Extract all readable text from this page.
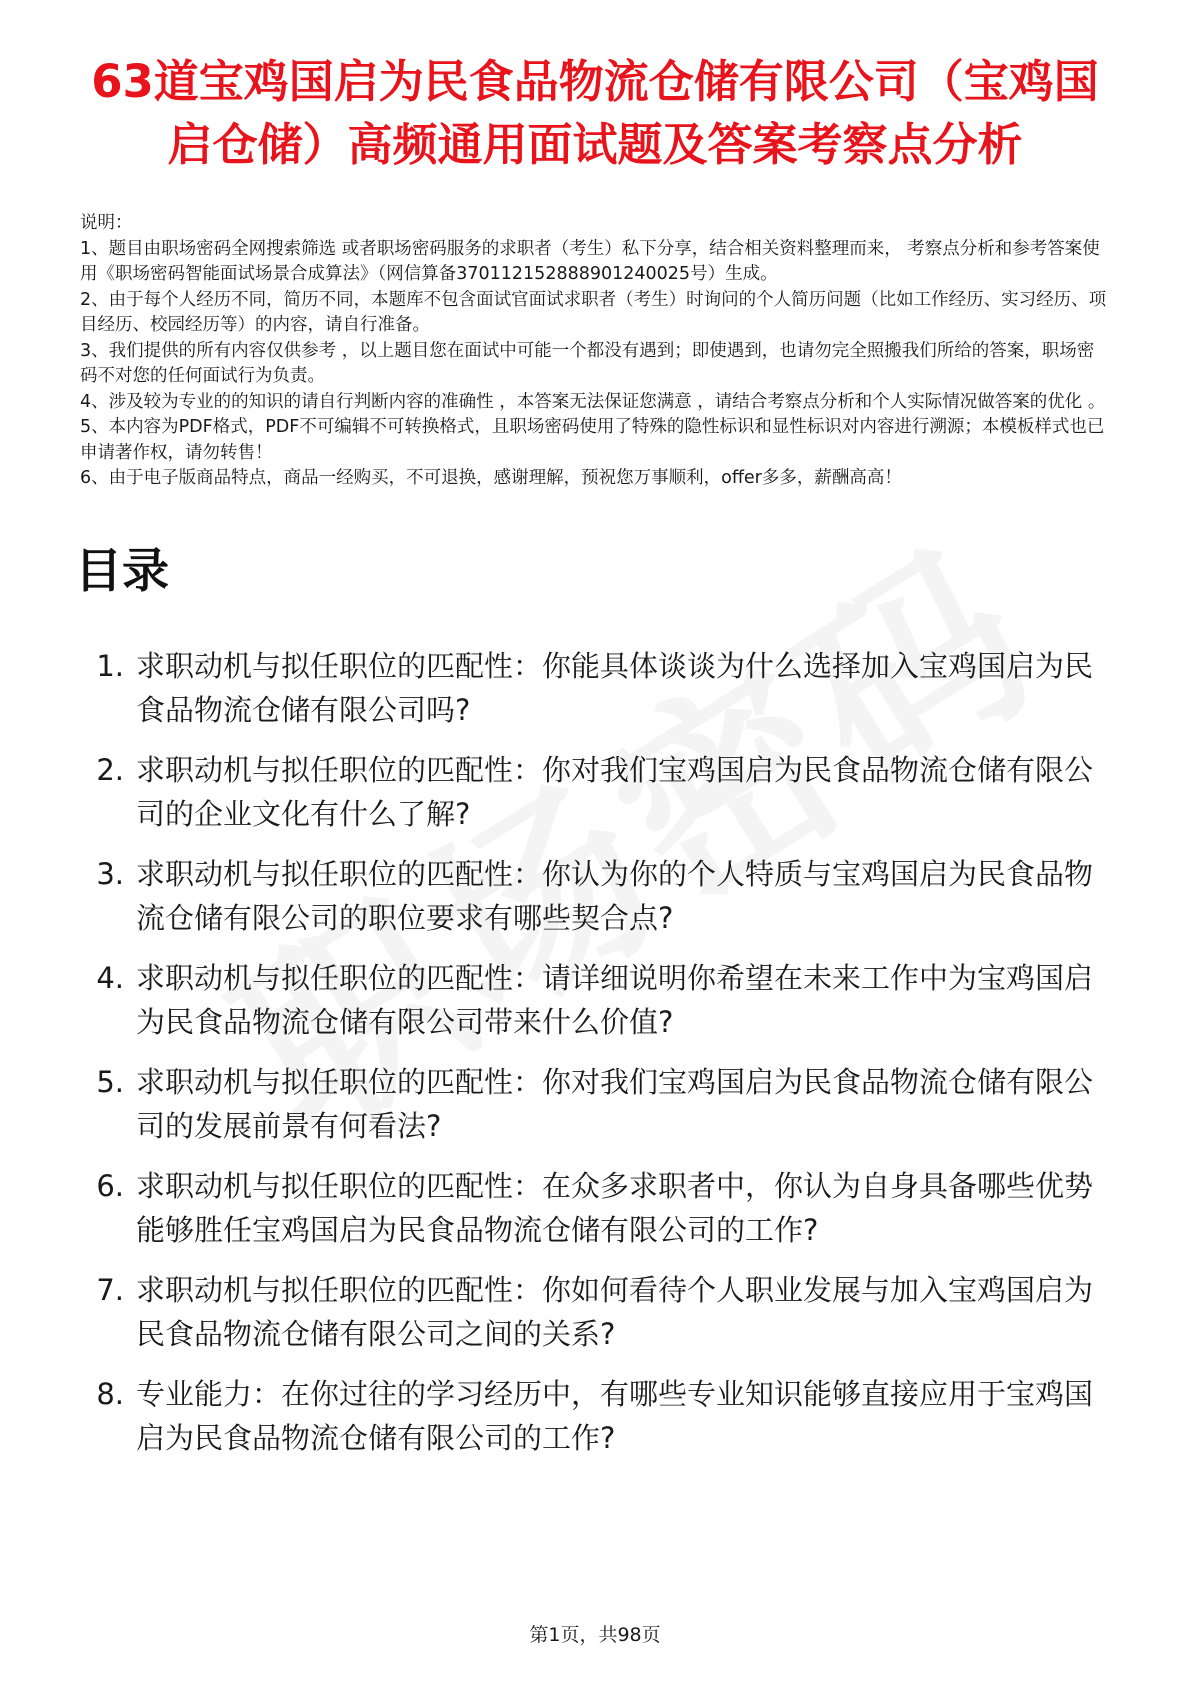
63道宝鸡国启为民食品物流仓储有限公司（宝鸡国启仓储）高频通用面试题及答案考察点分析

说明：

1、题目由职场密码全网搜索筛选 或者职场密码服务的求职者（考生）私下分享，结合相关资料整理而来， 考察点分析和参考答案使用《职场密码智能面试场景合成算法》（网信算备370112152888901240025号）生成。

2、由于每个人经历不同，简历不同，本题库不包含面试官面试求职者（考生）时询问的个人简历问题（比如工作经历、实习经历、项目经历、校园经历等）的内容，请自行准备。

3、我们提供的所有内容仅供参考 ，以上题目您在面试中可能一个都没有遇到；即使遇到，也请勿完全照搬我们所给的答案，职场密码不对您的任何面试行为负责。

4、涉及较为专业的的知识的请自行判断内容的准确性 ，本答案无法保证您满意 ，请结合考察点分析和个人实际情况做答案的优化 。

5、本内容为PDF格式，PDF不可编辑不可转换格式，且职场密码使用了特殊的隐性标识和显性标识对内容进行溯源；本模板样式也已申请著作权，请勿转售！

6、由于电子版商品特点，商品一经购买，不可退换，感谢理解，预祝您万事顺利，offer多多，薪酬高高！

目录
1. 求职动机与拟任职位的匹配性：你能具体谈谈为什么选择加入宝鸡国启为民食品物流仓储有限公司吗?
2. 求职动机与拟任职位的匹配性：你对我们宝鸡国启为民食品物流仓储有限公司的企业文化有什么了解?
3. 求职动机与拟任职位的匹配性：你认为你的个人特质与宝鸡国启为民食品物流仓储有限公司的职位要求有哪些契合点?
4. 求职动机与拟任职位的匹配性：请详细说明你希望在未来工作中为宝鸡国启为民食品物流仓储有限公司带来什么价值?
5. 求职动机与拟任职位的匹配性：你对我们宝鸡国启为民食品物流仓储有限公司的发展前景有何看法?
6. 求职动机与拟任职位的匹配性：在众多求职者中，你认为自身具备哪些优势能够胜任宝鸡国启为民食品物流仓储有限公司的工作?
7. 求职动机与拟任职位的匹配性：你如何看待个人职业发展与加入宝鸡国启为民食品物流仓储有限公司之间的关系?
8. 专业能力：在你过往的学习经历中，有哪些专业知识能够直接应用于宝鸡国启为民食品物流仓储有限公司的工作?
第1页，共98页
